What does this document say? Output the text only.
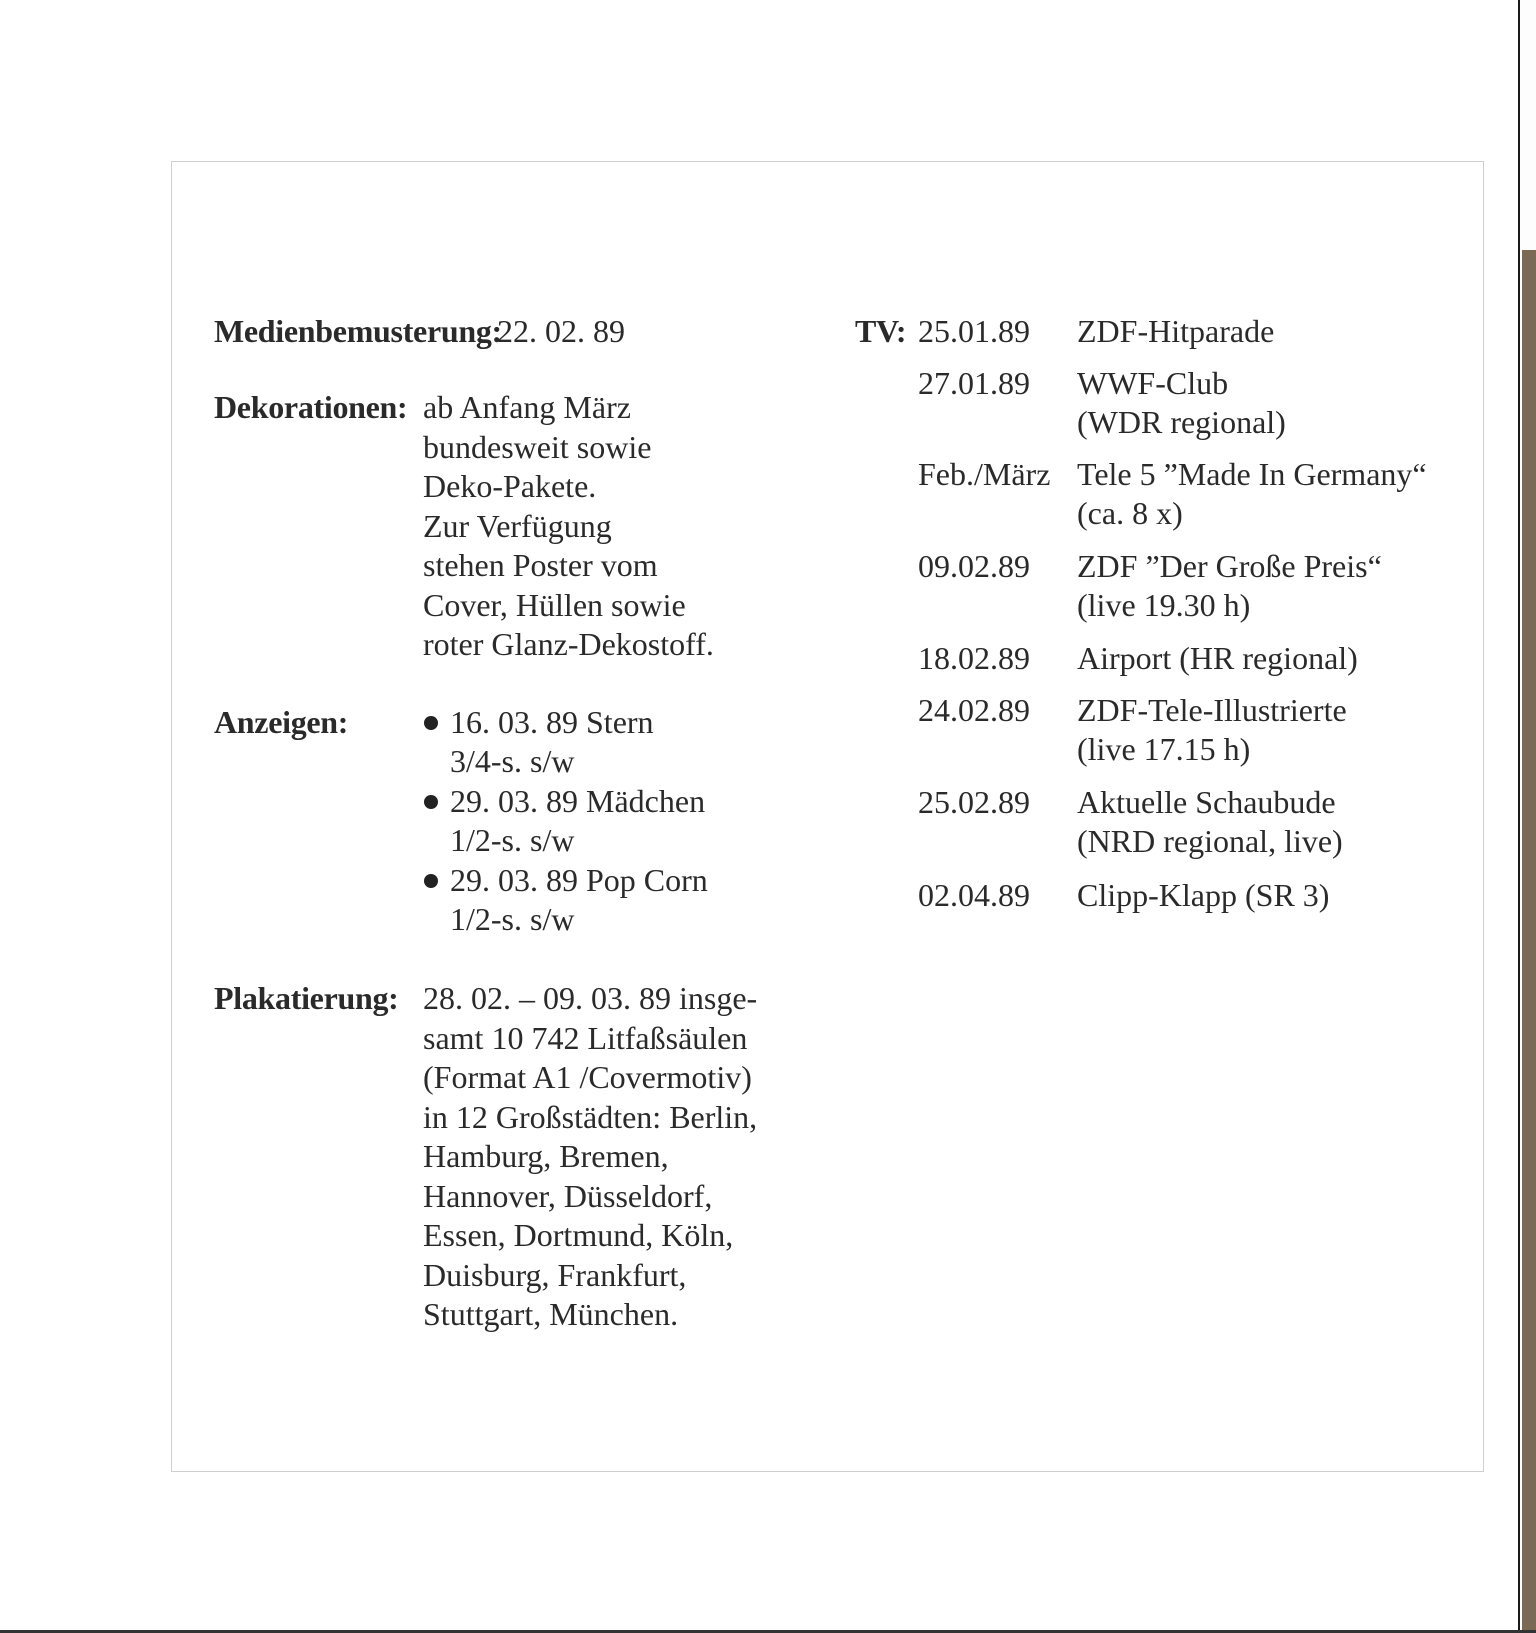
Medienbemusterung:
22. 02. 89
Dekorationen: ab Anfang März
bundesweit sowie
Deko-Pakete.
Zur Verfügung
stehen Poster vom
Cover, Hüllen sowie
roter Glanz-Dekostoff.
Anzeigen:	16. 03. 89 Stern
3/4-s. s/w
29. 03. 89 Mädchen
1/2-s. s/w
29. 03. 89 Pop Corn
1/2-s. s/w
Plakatierung: 28. 02. – 09. 03. 89 insge-
samt 10 742 Litfaßsäulen
(Format A1 /Covermotiv)
in 12 Großstädten: Berlin,
Hamburg, Bremen,
Hannover, Düsseldorf,
Essen, Dortmund, Köln,
Duisburg, Frankfurt,
Stuttgart, München.
TV: 25.01.89 ZDF-Hitparade
27.01.89 WWF-Club
(WDR regional)
Feb./März Tele 5 ”Made In Germany“
(ca. 8 x)
09.02.89 ZDF ”Der Große Preis“
(live 19.30 h)
18.02.89 Airport (HR regional)
24.02.89 ZDF-Tele-Illustrierte
(live 17.15 h)
25.02.89 Aktuelle Schaubude
(NRD regional, live)
02.04.89 Clipp-Klapp (SR 3)
